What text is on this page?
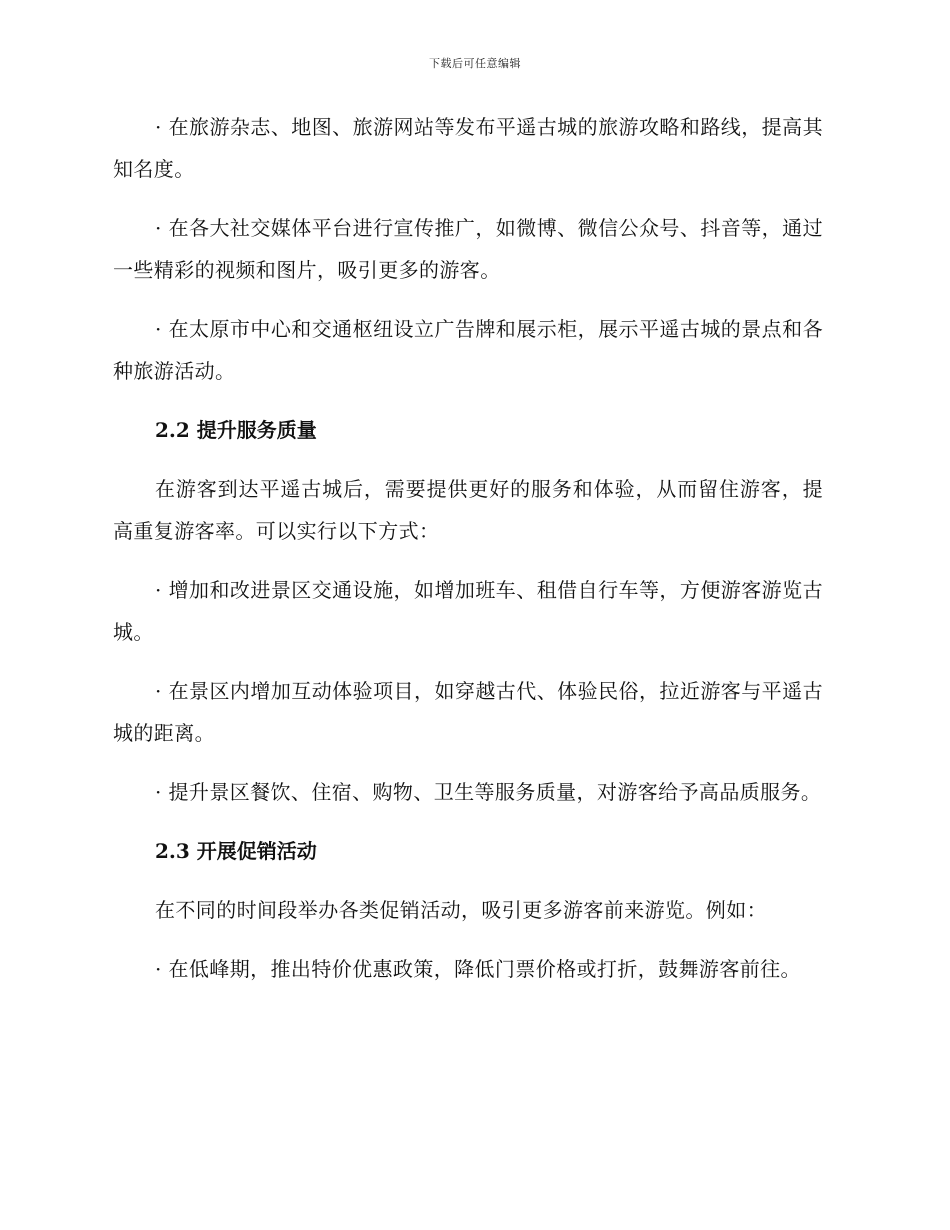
下载后可任意编辑

· 在旅游杂志、地图、旅游网站等发布平遥古城的旅游攻略和路线，提高其知名度。

· 在各大社交媒体平台进行宣传推广，如微博、微信公众号、抖音等，通过一些精彩的视频和图片，吸引更多的游客。

· 在太原市中心和交通枢纽设立广告牌和展示柜，展示平遥古城的景点和各种旅游活动。

2.2 提升服务质量

在游客到达平遥古城后，需要提供更好的服务和体验，从而留住游客，提高重复游客率。可以实行以下方式：

· 增加和改进景区交通设施，如增加班车、租借自行车等，方便游客游览古城。

· 在景区内增加互动体验项目，如穿越古代、体验民俗，拉近游客与平遥古城的距离。

· 提升景区餐饮、住宿、购物、卫生等服务质量，对游客给予高品质服务。

2.3 开展促销活动

在不同的时间段举办各类促销活动，吸引更多游客前来游览。例如：

· 在低峰期，推出特价优惠政策，降低门票价格或打折，鼓舞游客前往。
